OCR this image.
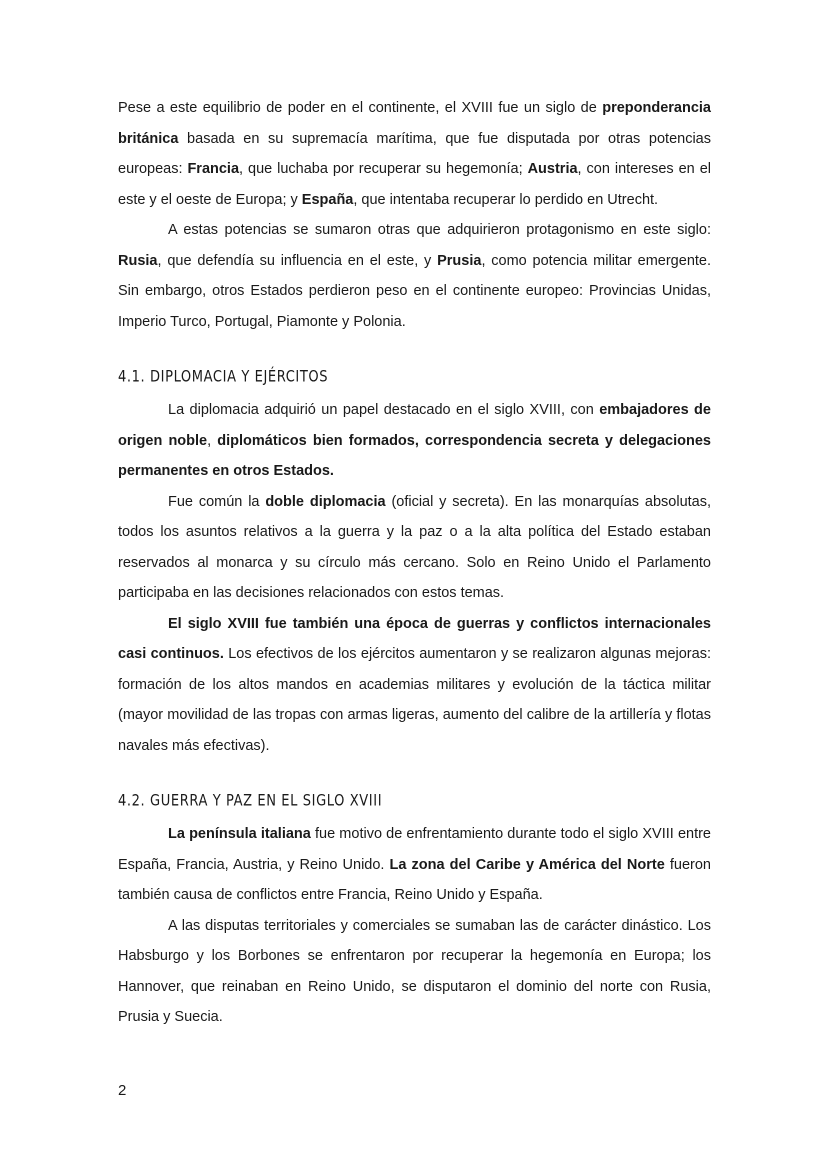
Pese a este equilibrio de poder en el continente, el XVIII fue un siglo de preponderancia británica basada en su supremacía marítima, que fue disputada por otras potencias europeas: Francia, que luchaba por recuperar su hegemonía; Austria, con intereses en el este y el oeste de Europa; y España, que intentaba recuperar lo perdido en Utrecht.

A estas potencias se sumaron otras que adquirieron protagonismo en este siglo: Rusia, que defendía su influencia en el este, y Prusia, como potencia militar emergente. Sin embargo, otros Estados perdieron peso en el continente europeo: Provincias Unidas, Imperio Turco, Portugal, Piamonte y Polonia.

4.1. DIPLOMACIA Y EJÉRCITOS

La diplomacia adquirió un papel destacado en el siglo XVIII, con embajadores de origen noble, diplomáticos bien formados, correspondencia secreta y delegaciones permanentes en otros Estados.

Fue común la doble diplomacia (oficial y secreta). En las monarquías absolutas, todos los asuntos relativos a la guerra y la paz o a la alta política del Estado estaban reservados al monarca y su círculo más cercano. Solo en Reino Unido el Parlamento participaba en las decisiones relacionados con estos temas.

El siglo XVIII fue también una época de guerras y conflictos internacionales casi continuos. Los efectivos de los ejércitos aumentaron y se realizaron algunas mejoras: formación de los altos mandos en academias militares y evolución de la táctica militar (mayor movilidad de las tropas con armas ligeras, aumento del calibre de la artillería y flotas navales más efectivas).

4.2. GUERRA Y PAZ EN EL SIGLO XVIII

La península italiana fue motivo de enfrentamiento durante todo el siglo XVIII entre España, Francia, Austria, y Reino Unido. La zona del Caribe y América del Norte fueron también causa de conflictos entre Francia, Reino Unido y España.

A las disputas territoriales y comerciales se sumaban las de carácter dinástico. Los Habsburgo y los Borbones se enfrentaron por recuperar la hegemonía en Europa; los Hannover, que reinaban en Reino Unido, se disputaron el dominio del norte con Rusia, Prusia y Suecia.

2
